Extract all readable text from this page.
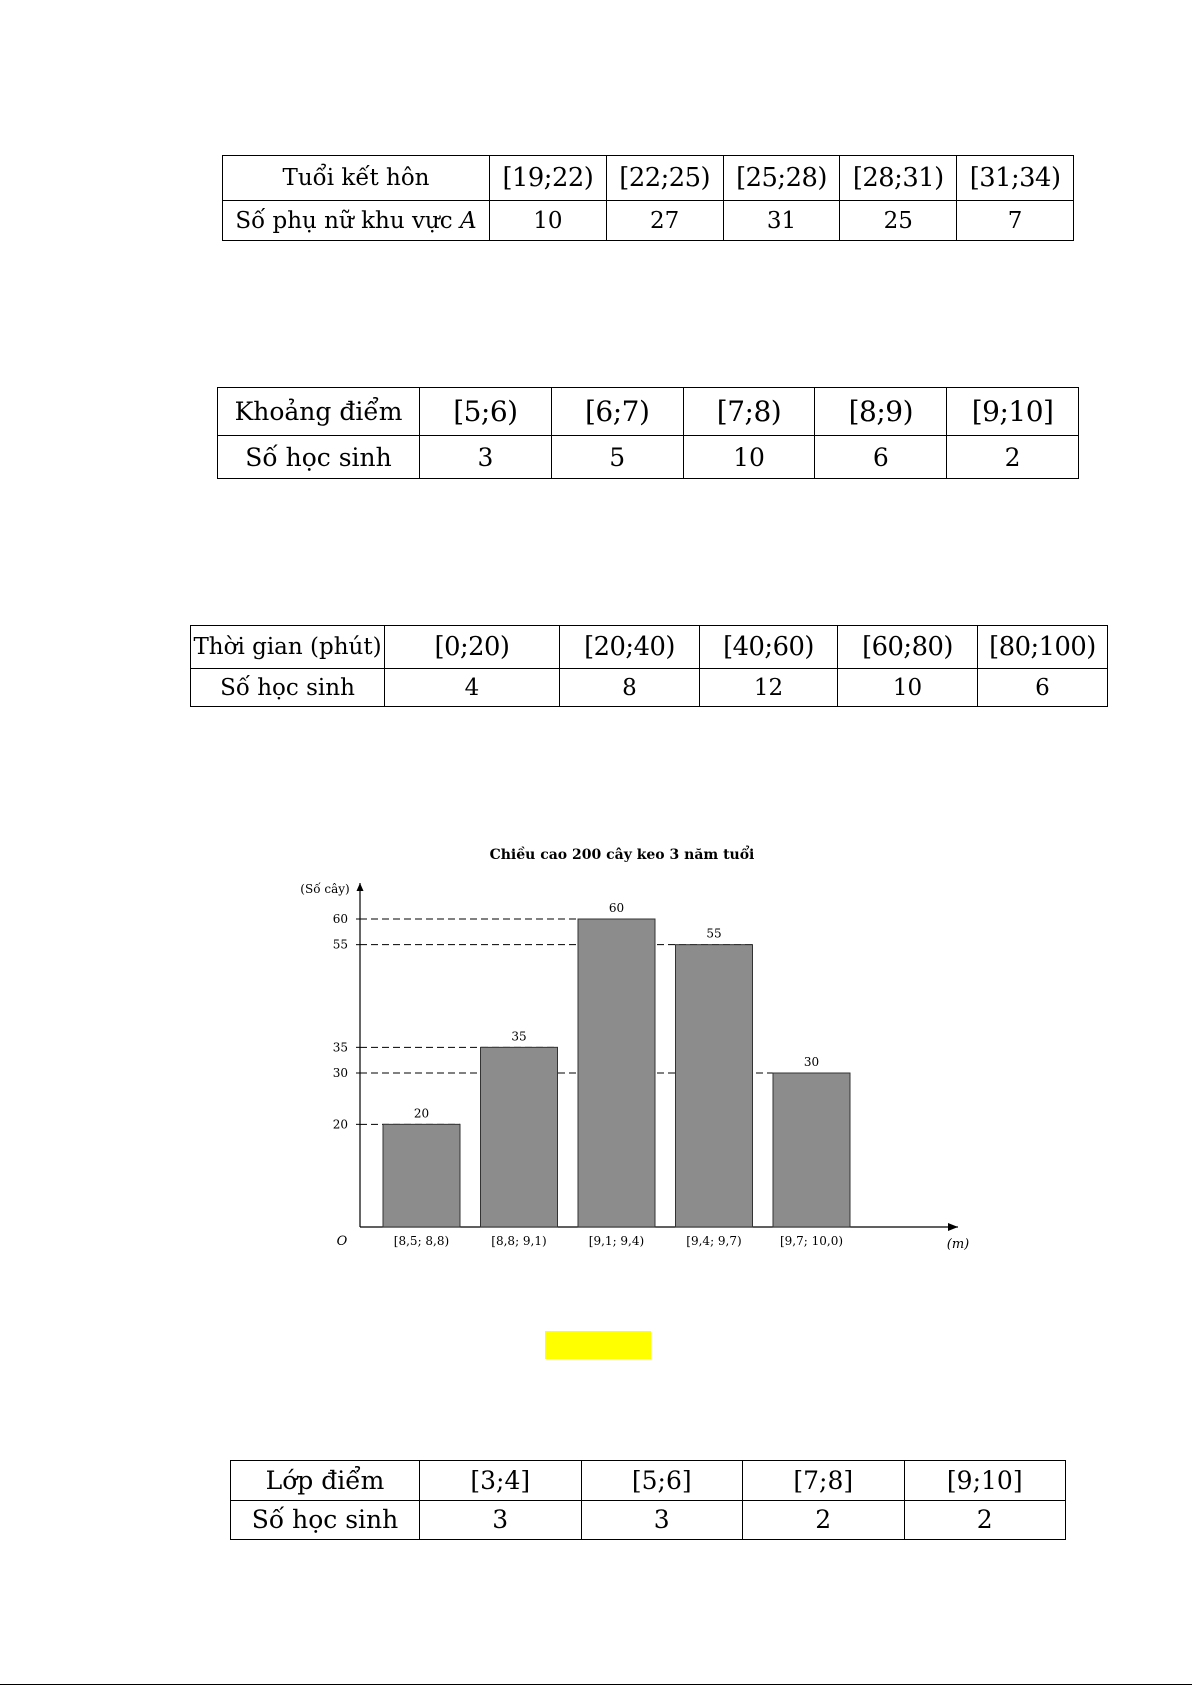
Tuổi kết hôn	[19;22)	[22;25)	[25;28)	[28;31)	[31;34)
Số phụ nữ khu vực A	10	27	31	25	7
Khoảng điểm	[5;6)	[6;7)	[7;8)	[8;9)	[9;10]
Số học sinh	3	5	10	6	2
Thời gian (phút)	[0;20)	[20;40)	[40;60)	[60;80)	[80;100)
Số học sinh	4	8	12	10	6
Chiều cao 200 cây keo 3 năm tuổi
(Số cây)
(m)
O
20
30
35
55
60
20
[8,5; 8,8)
35
[8,8; 9,1)
60
[9,1; 9,4)
55
[9,4; 9,7)
30
[9,7; 10,0)
Lớp điểm	[3;4]	[5;6]	[7;8]	[9;10]
Số học sinh	3	3	2	2
